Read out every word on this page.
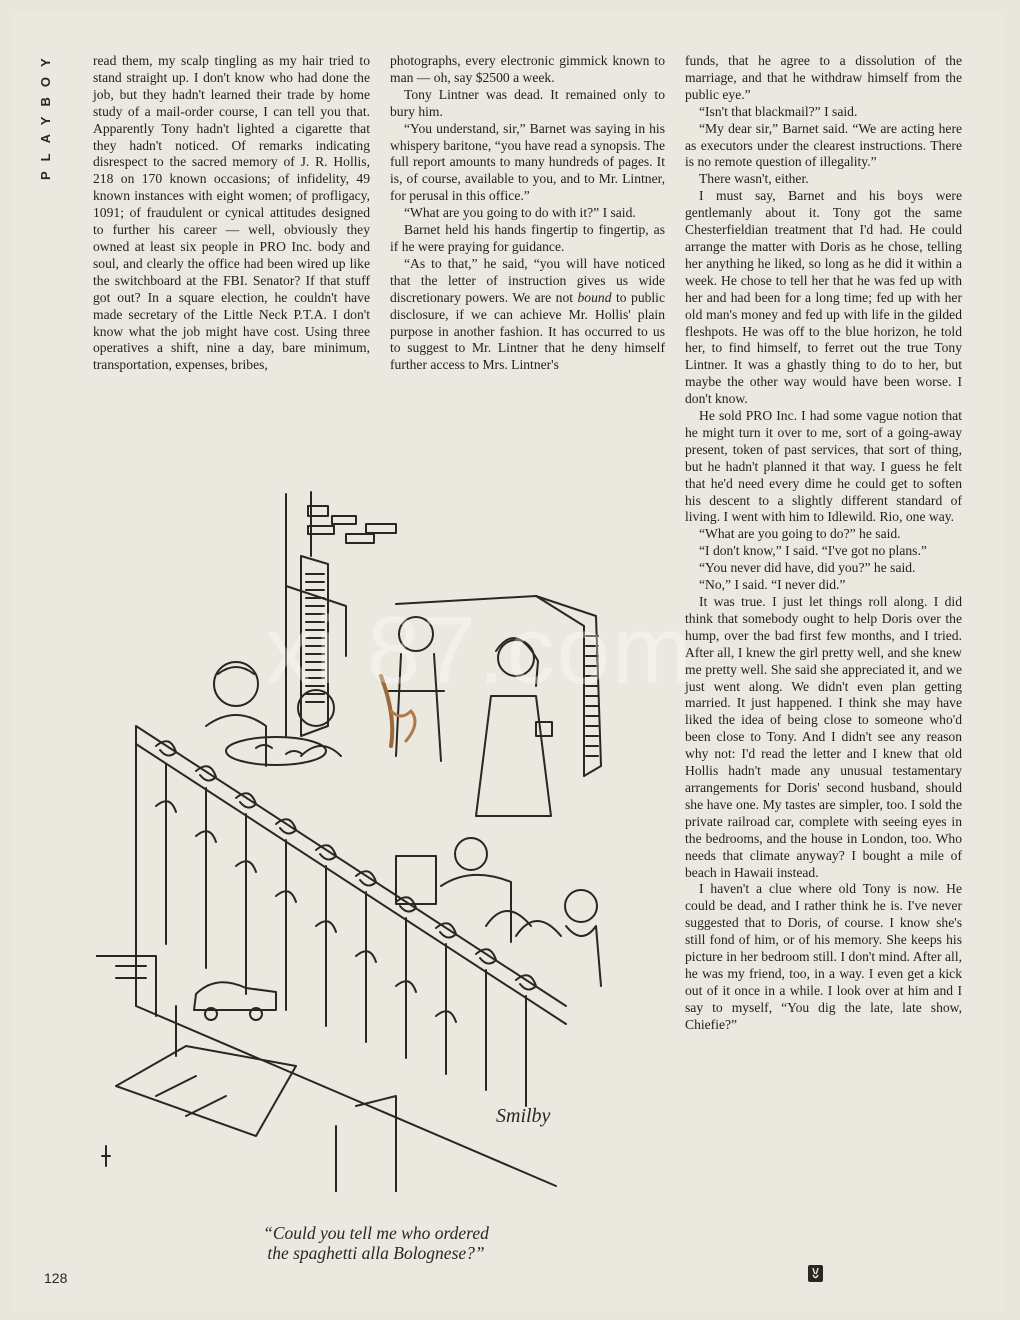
PLAYBOY	read them, my scalp tingling as my hair tried to stand straight up. I don't know who had done the job, but they hadn't learned their trade by home study of a mail-order course, I can tell you that. Apparently Tony hadn't lighted a cigarette that they hadn't noticed. Of remarks indicating disrespect to the sacred memory of J. R. Hollis, 218 on 170 known occasions; of infidelity, 49 known instances with eight women; of profligacy, 1091; of fraudulent or cynical attitudes designed to further his career — well, obviously they owned at least six people in PRO Inc. body and soul, and clearly the office had been wired up like the switchboard at the FBI. Senator? If that stuff got out? In a square election, he couldn't have made secretary of the Little Neck P.T.A. I don't know what the job might have cost. Using three operatives a shift, nine a day, bare minimum, transportation, expenses, bribes,

photographs, every electronic gimmick known to man — oh, say $2500 a week.

Tony Lintner was dead. It remained only to bury him.

“You understand, sir,” Barnet was saying in his whispery baritone, “you have read a synopsis. The full report amounts to many hundreds of pages. It is, of course, available to you, and to Mr. Lintner, for perusal in this office.”

“What are you going to do with it?” I said.

Barnet held his hands fingertip to fingertip, as if he were praying for guidance.

“As to that,” he said, “you will have noticed that the letter of instruction gives us wide discretionary powers. We are not bound to public disclosure, if we can achieve Mr. Hollis' plain purpose in another fashion. It has occurred to us to suggest to Mr. Lintner that he deny himself further access to Mrs. Lintner's

funds, that he agree to a dissolution of the marriage, and that he withdraw himself from the public eye.”

“Isn't that blackmail?” I said.

“My dear sir,” Barnet said. “We are acting here as executors under the clearest instructions. There is no remote question of illegality.”

There wasn't, either.

I must say, Barnet and his boys were gentlemanly about it. Tony got the same Chesterfieldian treatment that I'd had. He could arrange the matter with Doris as he chose, telling her anything he liked, so long as he did it within a week. He chose to tell her that he was fed up with her and had been for a long time; fed up with her old man's money and fed up with life in the gilded fleshpots. He was off to the blue horizon, he told her, to find himself, to ferret out the true Tony Lintner. It was a ghastly thing to do to her, but maybe the other way would have been worse. I don't know.

He sold PRO Inc. I had some vague notion that he might turn it over to me, sort of a going-away present, token of past services, that sort of thing, but he hadn't planned it that way. I guess he felt that he'd need every dime he could get to soften his descent to a slightly different standard of living. I went with him to Idlewild. Rio, one way.

“What are you going to do?” he said.

“I don't know,” I said. “I've got no plans.”

“You never did have, did you?” he said.

“No,” I said. “I never did.”

It was true. I just let things roll along. I did think that somebody ought to help Doris over the hump, over the bad first few months, and I tried. After all, I knew the girl pretty well, and she knew me pretty well. She said she appreciated it, and we just went along. We didn't even plan getting married. It just happened. I think she may have liked the idea of being close to someone who'd been close to Tony. And I didn't see any reason why not: I'd read the letter and I knew that old Hollis hadn't made any unusual testamentary arrangements for Doris' second husband, should she have one. My tastes are simpler, too. I sold the private railroad car, complete with seeing eyes in the bedrooms, and the house in London, too. Who needs that climate anyway? I bought a mile of beach in Hawaii instead.

I haven't a clue where old Tony is now. He could be dead, and I rather think he is. I've never suggested that to Doris, of course. I know she's still fond of him, or of his memory. She keeps his picture in her bedroom still. I don't mind. After all, he was my friend, too, in a way. I even get a kick out of it once in a while. I look over at him and I say to myself, “You dig the late, late show, Chiefie?”

Smilby
“Could you tell me who ordered
the spaghetti alla Bolognese?”
xi 87.com
128
